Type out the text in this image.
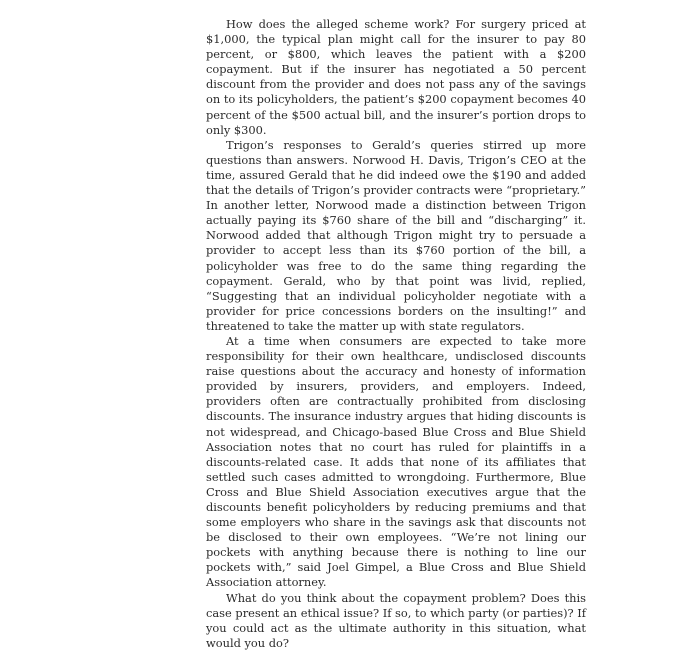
How does the alleged scheme work? For surgery priced at $1,000, the typical plan might call for the insurer to pay 80 percent, or $800, which leaves the patient with a $200 copayment. But if the insurer has negotiated a 50 percent discount from the provider and does not pass any of the savings on to its policyholders, the patient’s $200 copayment becomes 40 percent of the $500 actual bill, and the insurer’s portion drops to only $300.

Trigon’s responses to Gerald’s queries stirred up more questions than answers. Norwood H. Davis, Trigon’s CEO at the time, assured Gerald that he did indeed owe the $190 and added that the details of Trigon’s provider contracts were “proprietary.” In another letter, Norwood made a distinction between Trigon actually paying its $760 share of the bill and “discharging” it. Norwood added that although Trigon might try to persuade a provider to accept less than its $760 portion of the bill, a policyholder was free to do the same thing regarding the copayment. Gerald, who by that point was livid, replied, “Suggesting that an individual policyholder negotiate with a provider for price concessions borders on the insulting!” and threatened to take the matter up with state regulators.

At a time when consumers are expected to take more responsibility for their own healthcare, undisclosed discounts raise questions about the accuracy and honesty of information provided by insurers, providers, and employers. Indeed, providers often are contractually prohibited from disclosing discounts. The insurance industry argues that hiding discounts is not widespread, and Chicago-based Blue Cross and Blue Shield Association notes that no court has ruled for plaintiffs in a discounts-related case. It adds that none of its affiliates that settled such cases admitted to wrongdoing. Furthermore, Blue Cross and Blue Shield Association executives argue that the discounts benefit policyholders by reducing premiums and that some employers who share in the savings ask that discounts not be disclosed to their own employees. “We’re not lining our pockets with anything because there is nothing to line our pockets with,” said Joel Gimpel, a Blue Cross and Blue Shield Association attorney.

What do you think about the copayment problem? Does this case present an ethical issue? If so, to which party (or parties)? If you could act as the ultimate authority in this situation, what would you do?
